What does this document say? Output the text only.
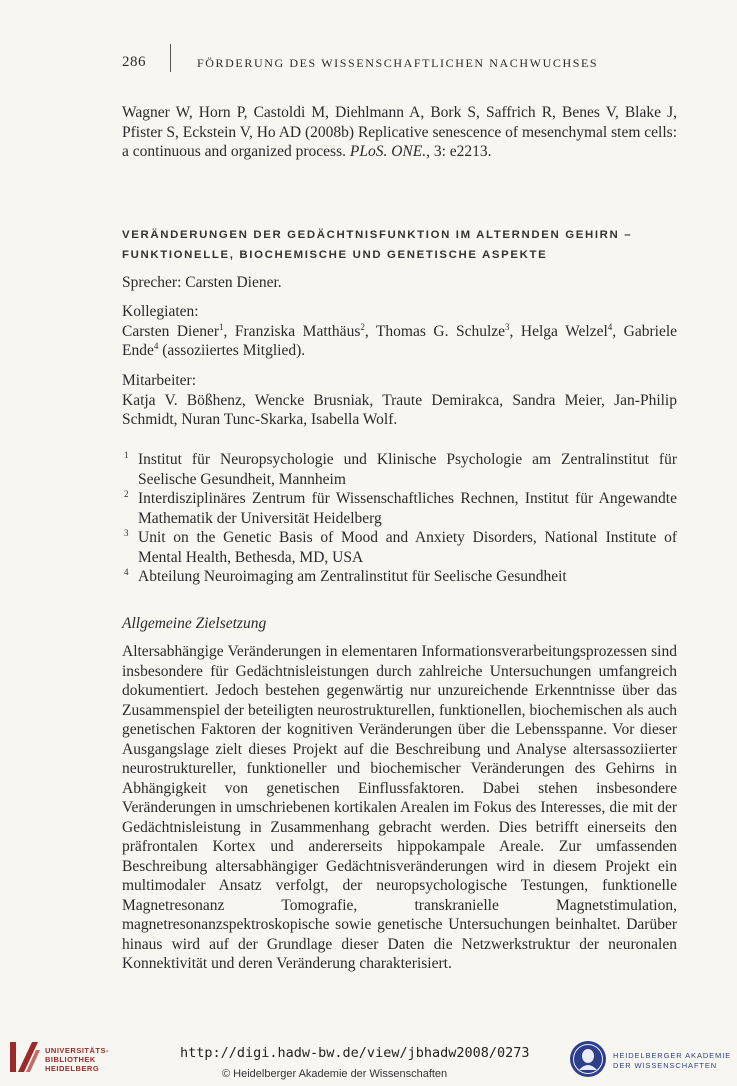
286	FÖRDERUNG DES WISSENSCHAFTLICHEN NACHWUCHSES
Wagner W, Horn P, Castoldi M, Diehlmann A, Bork S, Saffrich R, Benes V, Blake J, Pfister S, Eckstein V, Ho AD (2008b) Replicative senescence of mesenchymal stem cells: a continuous and organized process. PLoS. ONE., 3: e2213.
VERÄNDERUNGEN DER GEDÄCHTNISFUNKTION IM ALTERNDEN GEHIRN –
FUNKTIONELLE, BIOCHEMISCHE UND GENETISCHE ASPEKTE
Sprecher: Carsten Diener.
Kollegiaten:
Carsten Diener$^1$, Franziska Matthäus$^2$, Thomas G. Schulze$^3$, Helga Welzel$^4$, Gabriele Ende$^4$ (assoziiertes Mitglied).
Mitarbeiter:
Katja V. Bößhenz, Wencke Brusniak, Traute Demirakca, Sandra Meier, Jan-Philip Schmidt, Nuran Tunc-Skarka, Isabella Wolf.
1 Institut für Neuropsychologie und Klinische Psychologie am Zentralinstitut für Seelische Gesundheit, Mannheim
2 Interdisziplinäres Zentrum für Wissenschaftliches Rechnen, Institut für Angewandte Mathematik der Universität Heidelberg
3 Unit on the Genetic Basis of Mood and Anxiety Disorders, National Institute of Mental Health, Bethesda, MD, USA
4 Abteilung Neuroimaging am Zentralinstitut für Seelische Gesundheit
Allgemeine Zielsetzung
Altersabhängige Veränderungen in elementaren Informationsverarbeitungsprozessen sind insbesondere für Gedächtnisleistungen durch zahlreiche Untersuchungen umfangreich dokumentiert. Jedoch bestehen gegenwärtig nur unzureichende Erkenntnisse über das Zusammenspiel der beteiligten neurostrukturellen, funktionellen, biochemischen als auch genetischen Faktoren der kognitiven Veränderungen über die Lebensspanne. Vor dieser Ausgangslage zielt dieses Projekt auf die Beschreibung und Analyse altersassoziierter neurostruktureller, funktioneller und biochemischer Veränderungen des Gehirns in Abhängigkeit von genetischen Einflussfaktoren. Dabei stehen insbesondere Veränderungen in umschriebenen kortikalen Arealen im Fokus des Interesses, die mit der Gedächtnisleistung in Zusammenhang gebracht werden. Dies betrifft einerseits den präfrontalen Kortex und andererseits hippokampale Areale. Zur umfassenden Beschreibung altersabhängiger Gedächtnisveränderungen wird in diesem Projekt ein multimodaler Ansatz verfolgt, der neuropsychologische Testungen, funktionelle Magnetresonanz Tomografie, transkranielle Magnetstimulation, magnetresonanzspektroskopische sowie genetische Untersuchungen beinhaltet. Darüber hinaus wird auf der Grundlage dieser Daten die Netzwerkstruktur der neuronalen Konnektivität und deren Veränderung charakterisiert.
UNIVERSITÄTS-
BIBLIOTHEK
HEIDELBERG
http://digi.hadw-bw.de/view/jbhadw2008/0273
© Heidelberger Akademie der Wissenschaften
HEIDELBERGER AKADEMIE
DER WISSENSCHAFTEN
